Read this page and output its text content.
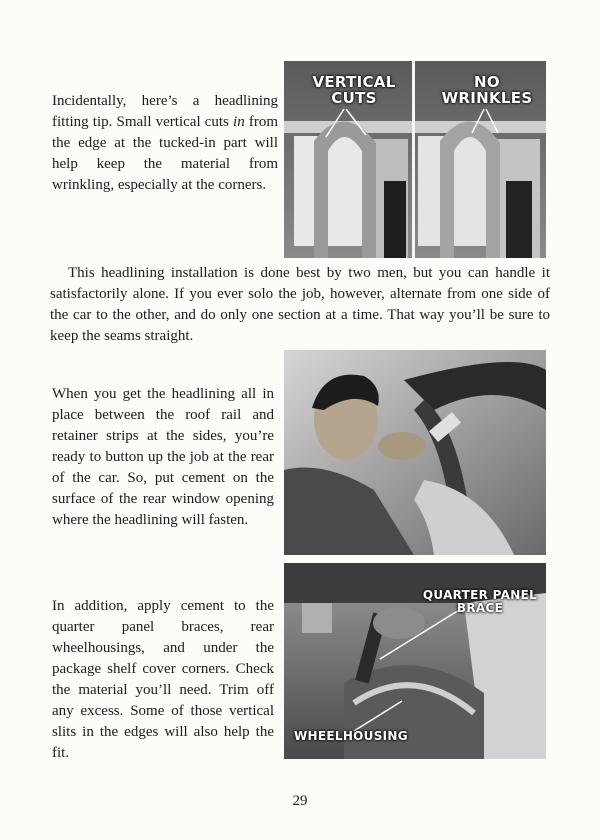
Incidentally, here’s a headlining fitting tip. Small vertical cuts in from the edge at the tucked-in part will help keep the material from wrinkling, especially at the corners.

VERTICAL CUTS
NO WRINKLES

This headlining installation is done best by two men, but you can handle it satisfactorily alone. If you ever solo the job, however, alternate from one side of the car to the other, and do only one section at a time. That way you’ll be sure to keep the seams straight.

When you get the headlining all in place between the roof rail and retainer strips at the sides, you’re ready to button up the job at the rear of the car. So, put cement on the surface of the rear window opening where the headlining will fasten.

In addition, apply cement to the quarter panel braces, rear wheelhousings, and under the package shelf cover corners. Check the material you’ll need. Trim off any excess. Some of those vertical slits in the edges will also help the fit.

QUARTER PANEL BRACE
WHEELHOUSING
29
